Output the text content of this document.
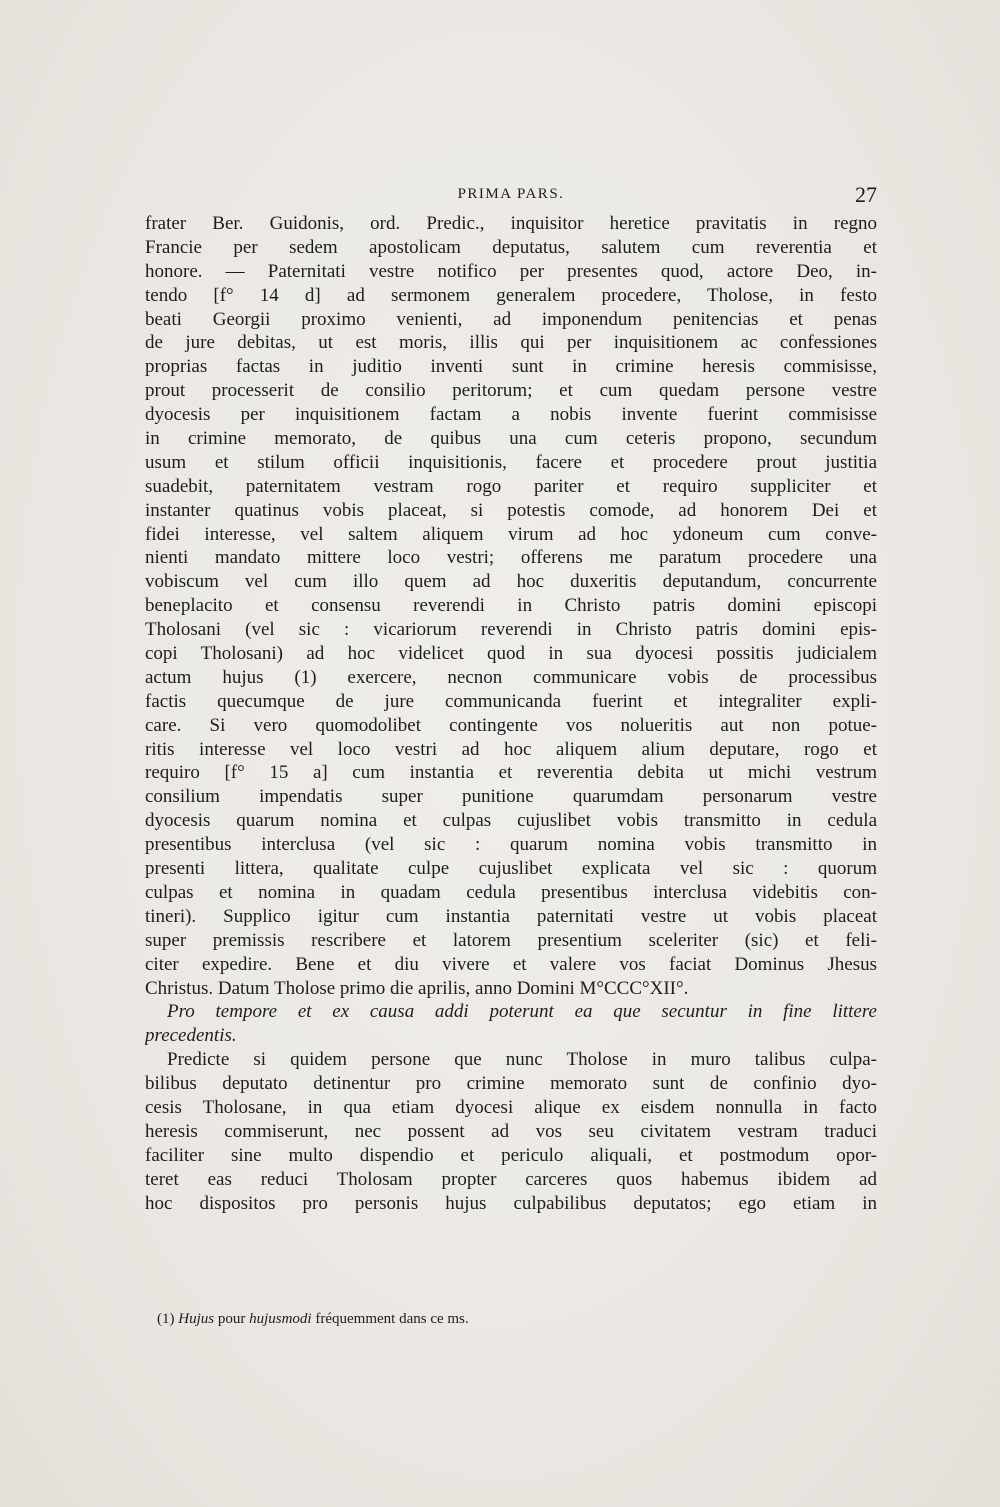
PRIMA PARS.	27
frater Ber. Guidonis, ord. Predic., inquisitor heretice pravitatis in regno
Francie per sedem apostolicam deputatus, salutem cum reverentia et
honore. — Paternitati vestre notifico per presentes quod, actore Deo, in-
tendo [f° 14 d] ad sermonem generalem procedere, Tholose, in festo
beati Georgii proximo venienti, ad imponendum penitencias et penas
de jure debitas, ut est moris, illis qui per inquisitionem ac confessiones
proprias factas in juditio inventi sunt in crimine heresis commisisse,
prout processerit de consilio peritorum; et cum quedam persone vestre
dyocesis per inquisitionem factam a nobis invente fuerint commisisse
in crimine memorato, de quibus una cum ceteris propono, secundum
usum et stilum officii inquisitionis, facere et procedere prout justitia
suadebit, paternitatem vestram rogo pariter et requiro suppliciter et
instanter quatinus vobis placeat, si potestis comode, ad honorem Dei et
fidei interesse, vel saltem aliquem virum ad hoc ydoneum cum conve-
nienti mandato mittere loco vestri; offerens me paratum procedere una
vobiscum vel cum illo quem ad hoc duxeritis deputandum, concurrente
beneplacito et consensu reverendi in Christo patris domini episcopi
Tholosani (vel sic : vicariorum reverendi in Christo patris domini epis-
copi Tholosani) ad hoc videlicet quod in sua dyocesi possitis judicialem
actum hujus (1) exercere, necnon communicare vobis de processibus
factis quecumque de jure communicanda fuerint et integraliter expli-
care. Si vero quomodolibet contingente vos nolueritis aut non potue-
ritis interesse vel loco vestri ad hoc aliquem alium deputare, rogo et
requiro [f° 15 a] cum instantia et reverentia debita ut michi vestrum
consilium impendatis super punitione quarumdam personarum vestre
dyocesis quarum nomina et culpas cujuslibet vobis transmitto in cedula
presentibus interclusa (vel sic : quarum nomina vobis transmitto in
presenti littera, qualitate culpe cujuslibet explicata vel sic : quorum
culpas et nomina in quadam cedula presentibus interclusa videbitis con-
tineri). Supplico igitur cum instantia paternitati vestre ut vobis placeat
super premissis rescribere et latorem presentium sceleriter (sic) et feli-
citer expedire. Bene et diu vivere et valere vos faciat Dominus Jhesus
Christus. Datum Tholose primo die aprilis, anno Domini M°CCC°XII°.
Pro tempore et ex causa addi poterunt ea que secuntur in fine littere
precedentis.
Predicte si quidem persone que nunc Tholose in muro talibus culpa-
bilibus deputato detinentur pro crimine memorato sunt de confinio dyo-
cesis Tholosane, in qua etiam dyocesi alique ex eisdem nonnulla in facto
heresis commiserunt, nec possent ad vos seu civitatem vestram traduci
faciliter sine multo dispendio et periculo aliquali, et postmodum opor-
teret eas reduci Tholosam propter carceres quos habemus ibidem ad
hoc dispositos pro personis hujus culpabilibus deputatos; ego etiam in
(1) Hujus pour hujusmodi fréquemment dans ce ms.
